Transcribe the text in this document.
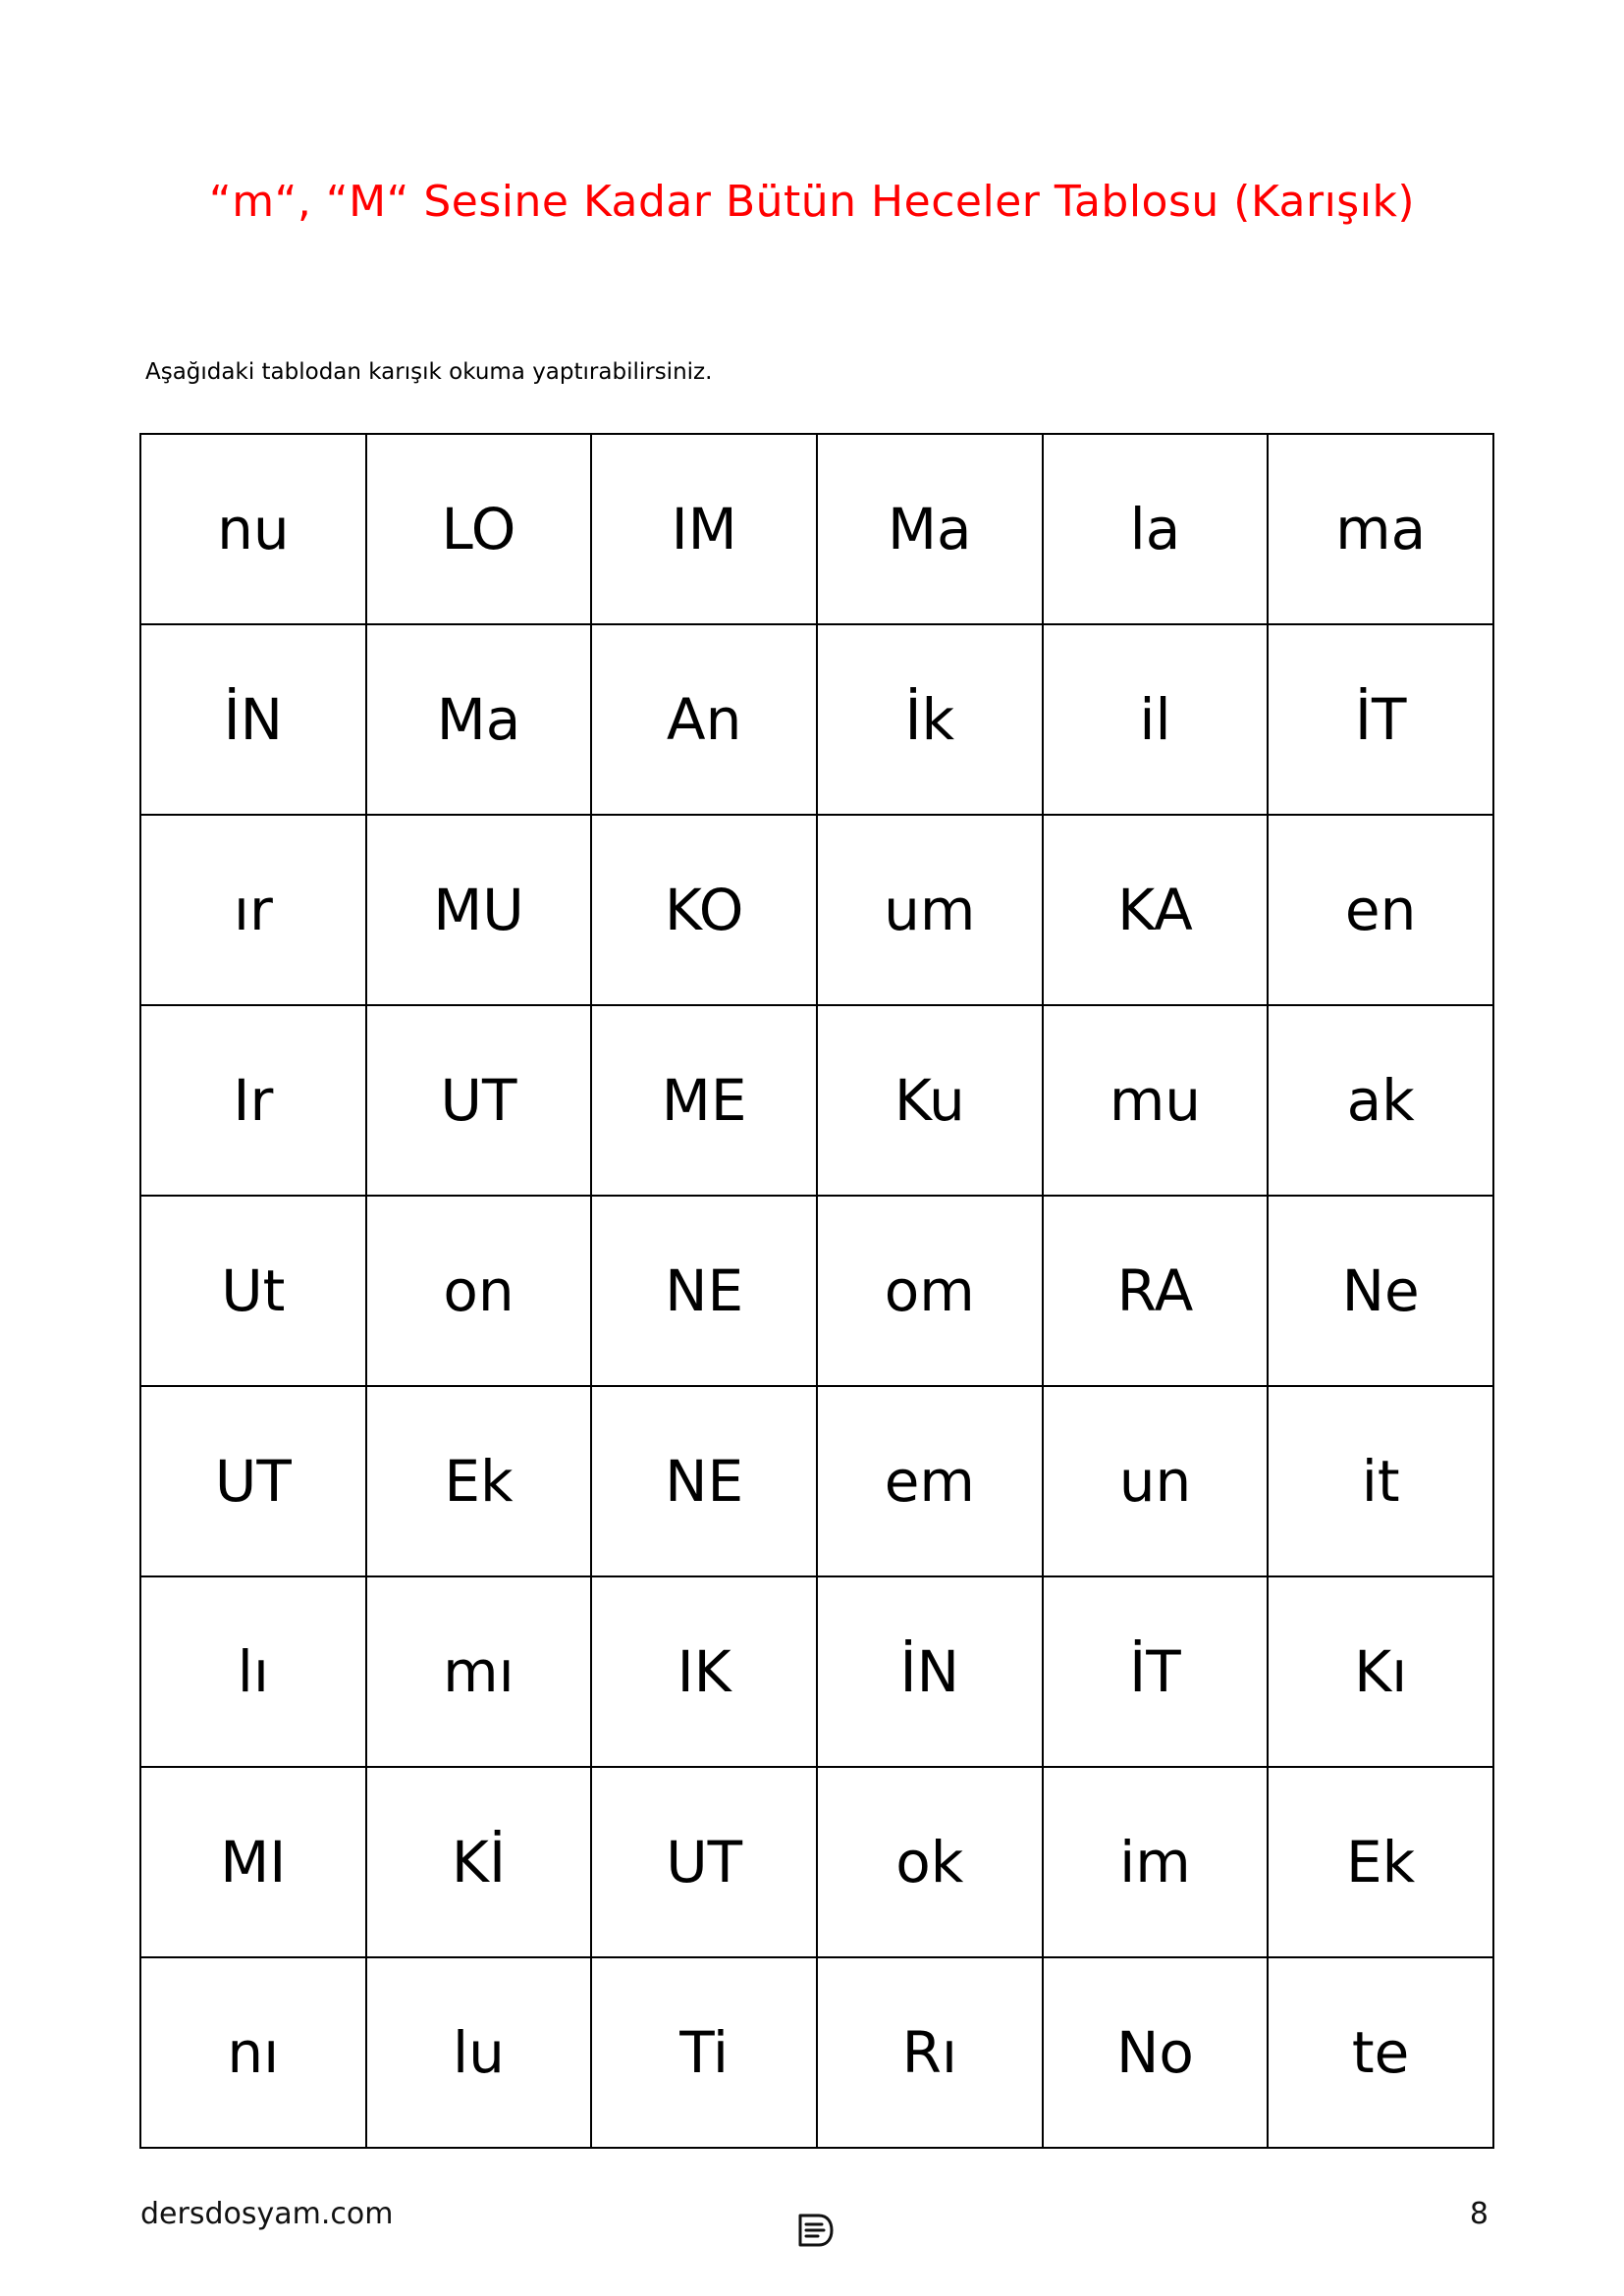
“m“, “M“ Sesine Kadar Bütün Heceler Tablosu (Karışık)
Aşağıdaki tablodan karışık okuma yaptırabilirsiniz.
nu	LO	IM	Ma	la	ma
İN	Ma	An	İk	il	İT
ır	MU	KO	um	KA	en
Ir	UT	ME	Ku	mu	ak
Ut	on	NE	om	RA	Ne
UT	Ek	NE	em	un	it
lı	mı	IK	İN	İT	Kı
MI	Kİ	UT	ok	im	Ek
nı	lu	Ti	Rı	No	te
dersdosyam.com	8
